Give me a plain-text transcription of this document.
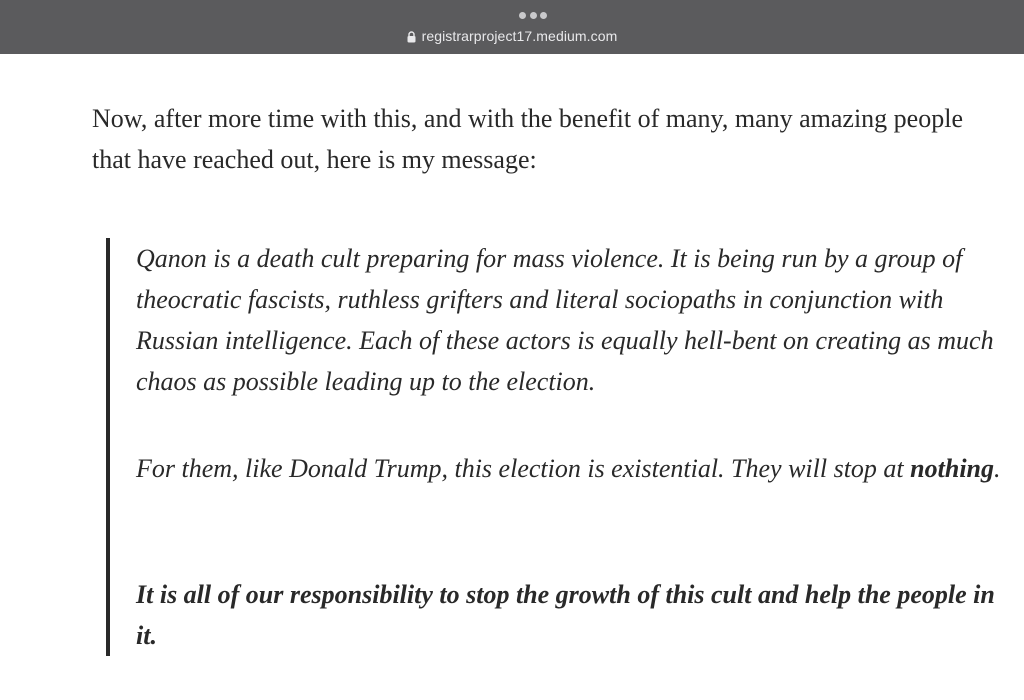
registrarproject17.medium.com

Now, after more time with this, and with the benefit of many, many amazing people that have reached out, here is my message:

Qanon is a death cult preparing for mass violence. It is being run by a group of theocratic fascists, ruthless grifters and literal sociopaths in conjunction with Russian intelligence. Each of these actors is equally hell-bent on creating as much chaos as possible leading up to the election.

For them, like Donald Trump, this election is existential. They will stop at nothing.

It is all of our responsibility to stop the growth of this cult and help the people in it.
